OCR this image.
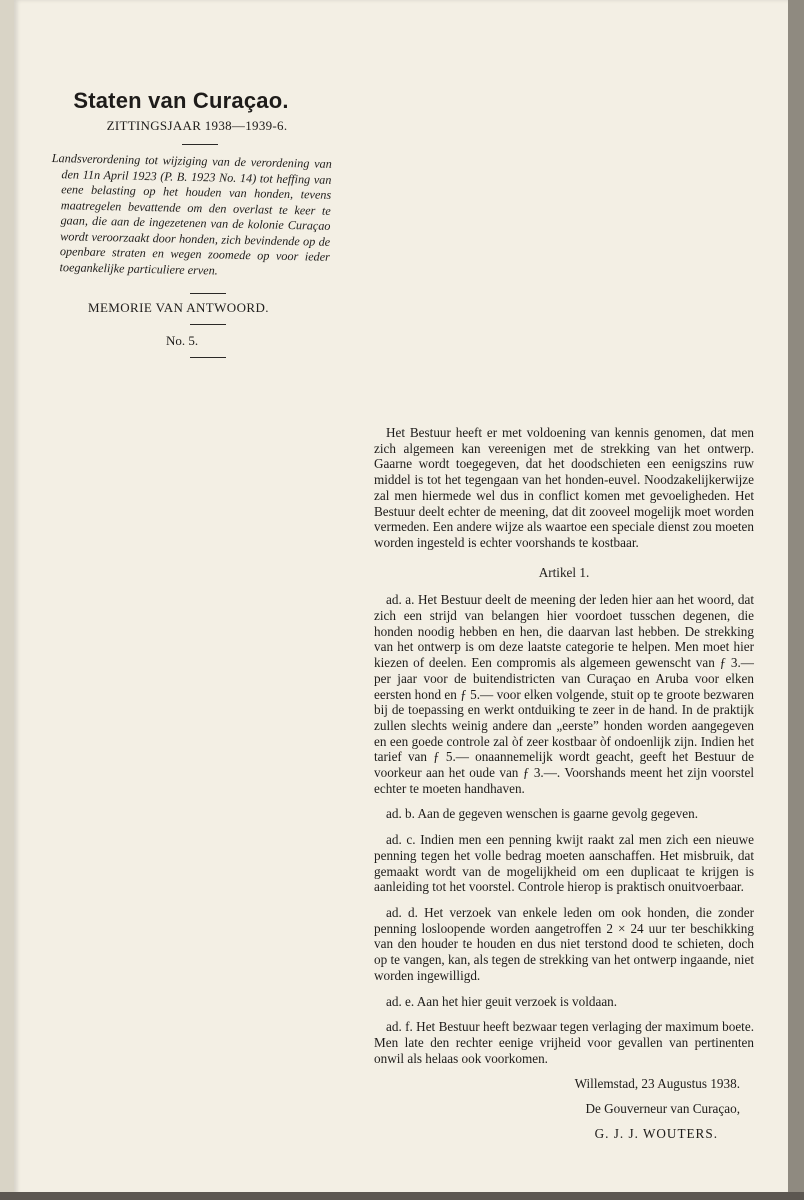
Staten van Curaçao.
ZITTINGSJAAR 1938—1939-6.

Landsverordening tot wijziging van de verordening van den 11n April 1923 (P. B. 1923 No. 14) tot heffing van eene belasting op het houden van honden, tevens maatregelen bevattende om den overlast te keer te gaan, die aan de ingezetenen van de kolonie Curaçao wordt veroorzaakt door honden, zich bevindende op de openbare straten en wegen zoomede op voor ieder toegankelijke particuliere erven.

MEMORIE VAN ANTWOORD.
No. 5.

Het Bestuur heeft er met voldoening van kennis genomen, dat men zich algemeen kan vereenigen met de strekking van het ontwerp. Gaarne wordt toegegeven, dat het doodschieten een eenigszins ruw middel is tot het tegengaan van het honden-euvel. Noodzakelijkerwijze zal men hiermede wel dus in conflict komen met gevoeligheden. Het Bestuur deelt echter de meening, dat dit zooveel mogelijk moet worden vermeden. Een andere wijze als waartoe een speciale dienst zou moeten worden ingesteld is echter voorshands te kostbaar.

Artikel 1.

ad. a. Het Bestuur deelt de meening der leden hier aan het woord, dat zich een strijd van belangen hier voordoet tusschen degenen, die honden noodig hebben en hen, die daarvan last hebben. De strekking van het ontwerp is om deze laatste categorie te helpen. Men moet hier kiezen of deelen. Een compromis als algemeen gewenscht van ƒ 3.— per jaar voor de buitendistricten van Curaçao en Aruba voor elken eersten hond en ƒ 5.— voor elken volgende, stuit op te groote bezwaren bij de toepassing en werkt ontduiking te zeer in de hand. In de praktijk zullen slechts weinig andere dan „eerste” honden worden aangegeven en een goede controle zal òf zeer kostbaar òf ondoenlijk zijn. Indien het tarief van ƒ 5.— onaannemelijk wordt geacht, geeft het Bestuur de voorkeur aan het oude van ƒ 3.—. Voorshands meent het zijn voorstel echter te moeten handhaven.

ad. b. Aan de gegeven wenschen is gaarne gevolg gegeven.

ad. c. Indien men een penning kwijt raakt zal men zich een nieuwe penning tegen het volle bedrag moeten aanschaffen. Het misbruik, dat gemaakt wordt van de mogelijkheid om een duplicaat te krijgen is aanleiding tot het voorstel. Controle hierop is praktisch onuitvoerbaar.

ad. d. Het verzoek van enkele leden om ook honden, die zonder penning losloopende worden aangetroffen 2 × 24 uur ter beschikking van den houder te houden en dus niet terstond dood te schieten, doch op te vangen, kan, als tegen de strekking van het ontwerp ingaande, niet worden ingewilligd.

ad. e. Aan het hier geuit verzoek is voldaan.

ad. f. Het Bestuur heeft bezwaar tegen verlaging der maximum boete. Men late den rechter eenige vrijheid voor gevallen van pertinenten onwil als helaas ook voorkomen.

Willemstad, 23 Augustus 1938.

De Gouverneur van Curaçao,

G. J. J. WOUTERS.
